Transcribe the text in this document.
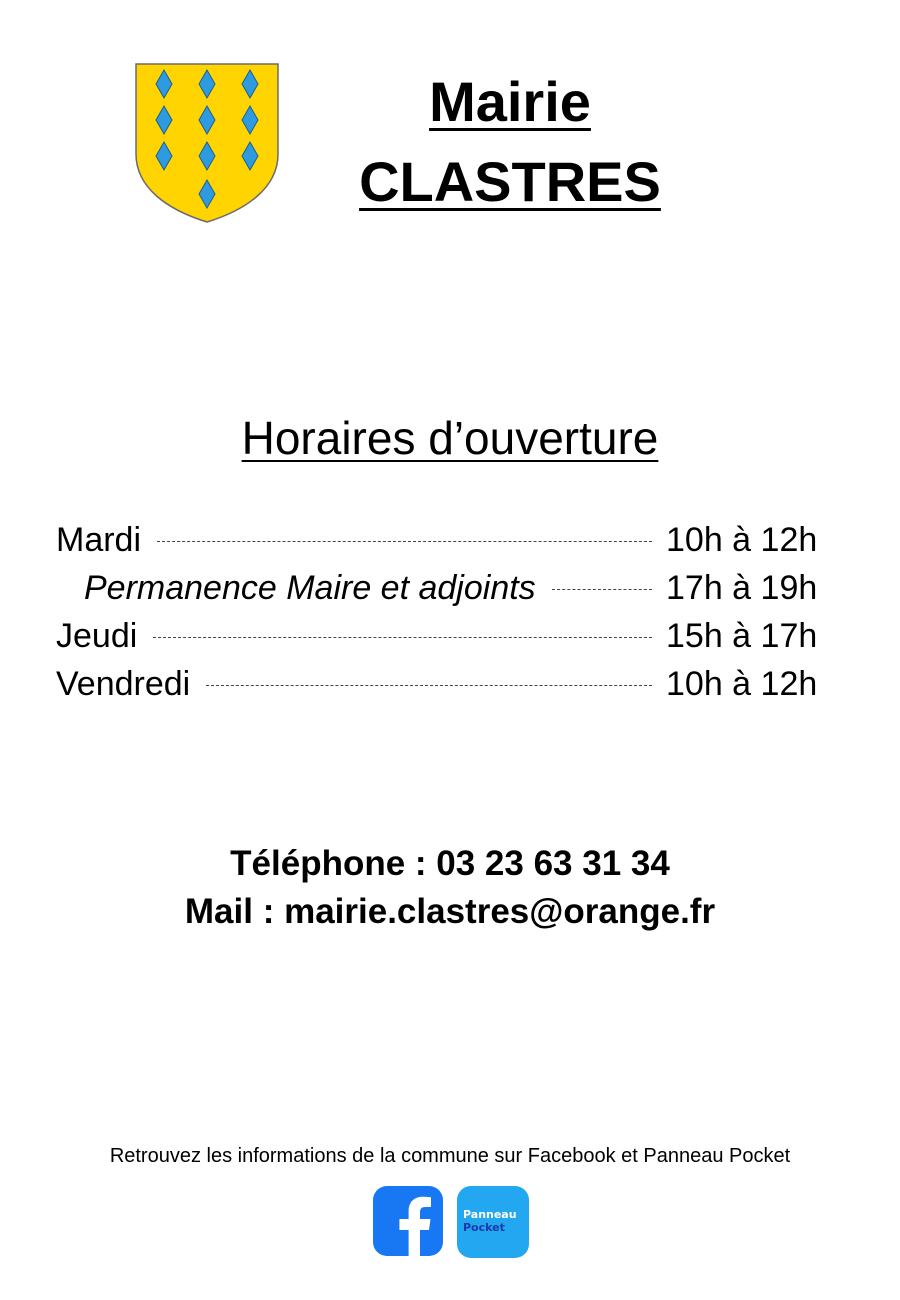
Mairie
CLASTRES
Horaires d’ouverture
Mardi	10h à 12h
Permanence Maire et adjoints	17h à 19h
Jeudi	15h à 17h
Vendredi	10h à 12h
Téléphone : 03 23 63 31 34
Mail : mairie.clastres@orange.fr
Retrouvez les informations de la commune sur Facebook et Panneau Pocket
Panneau
Pocket
